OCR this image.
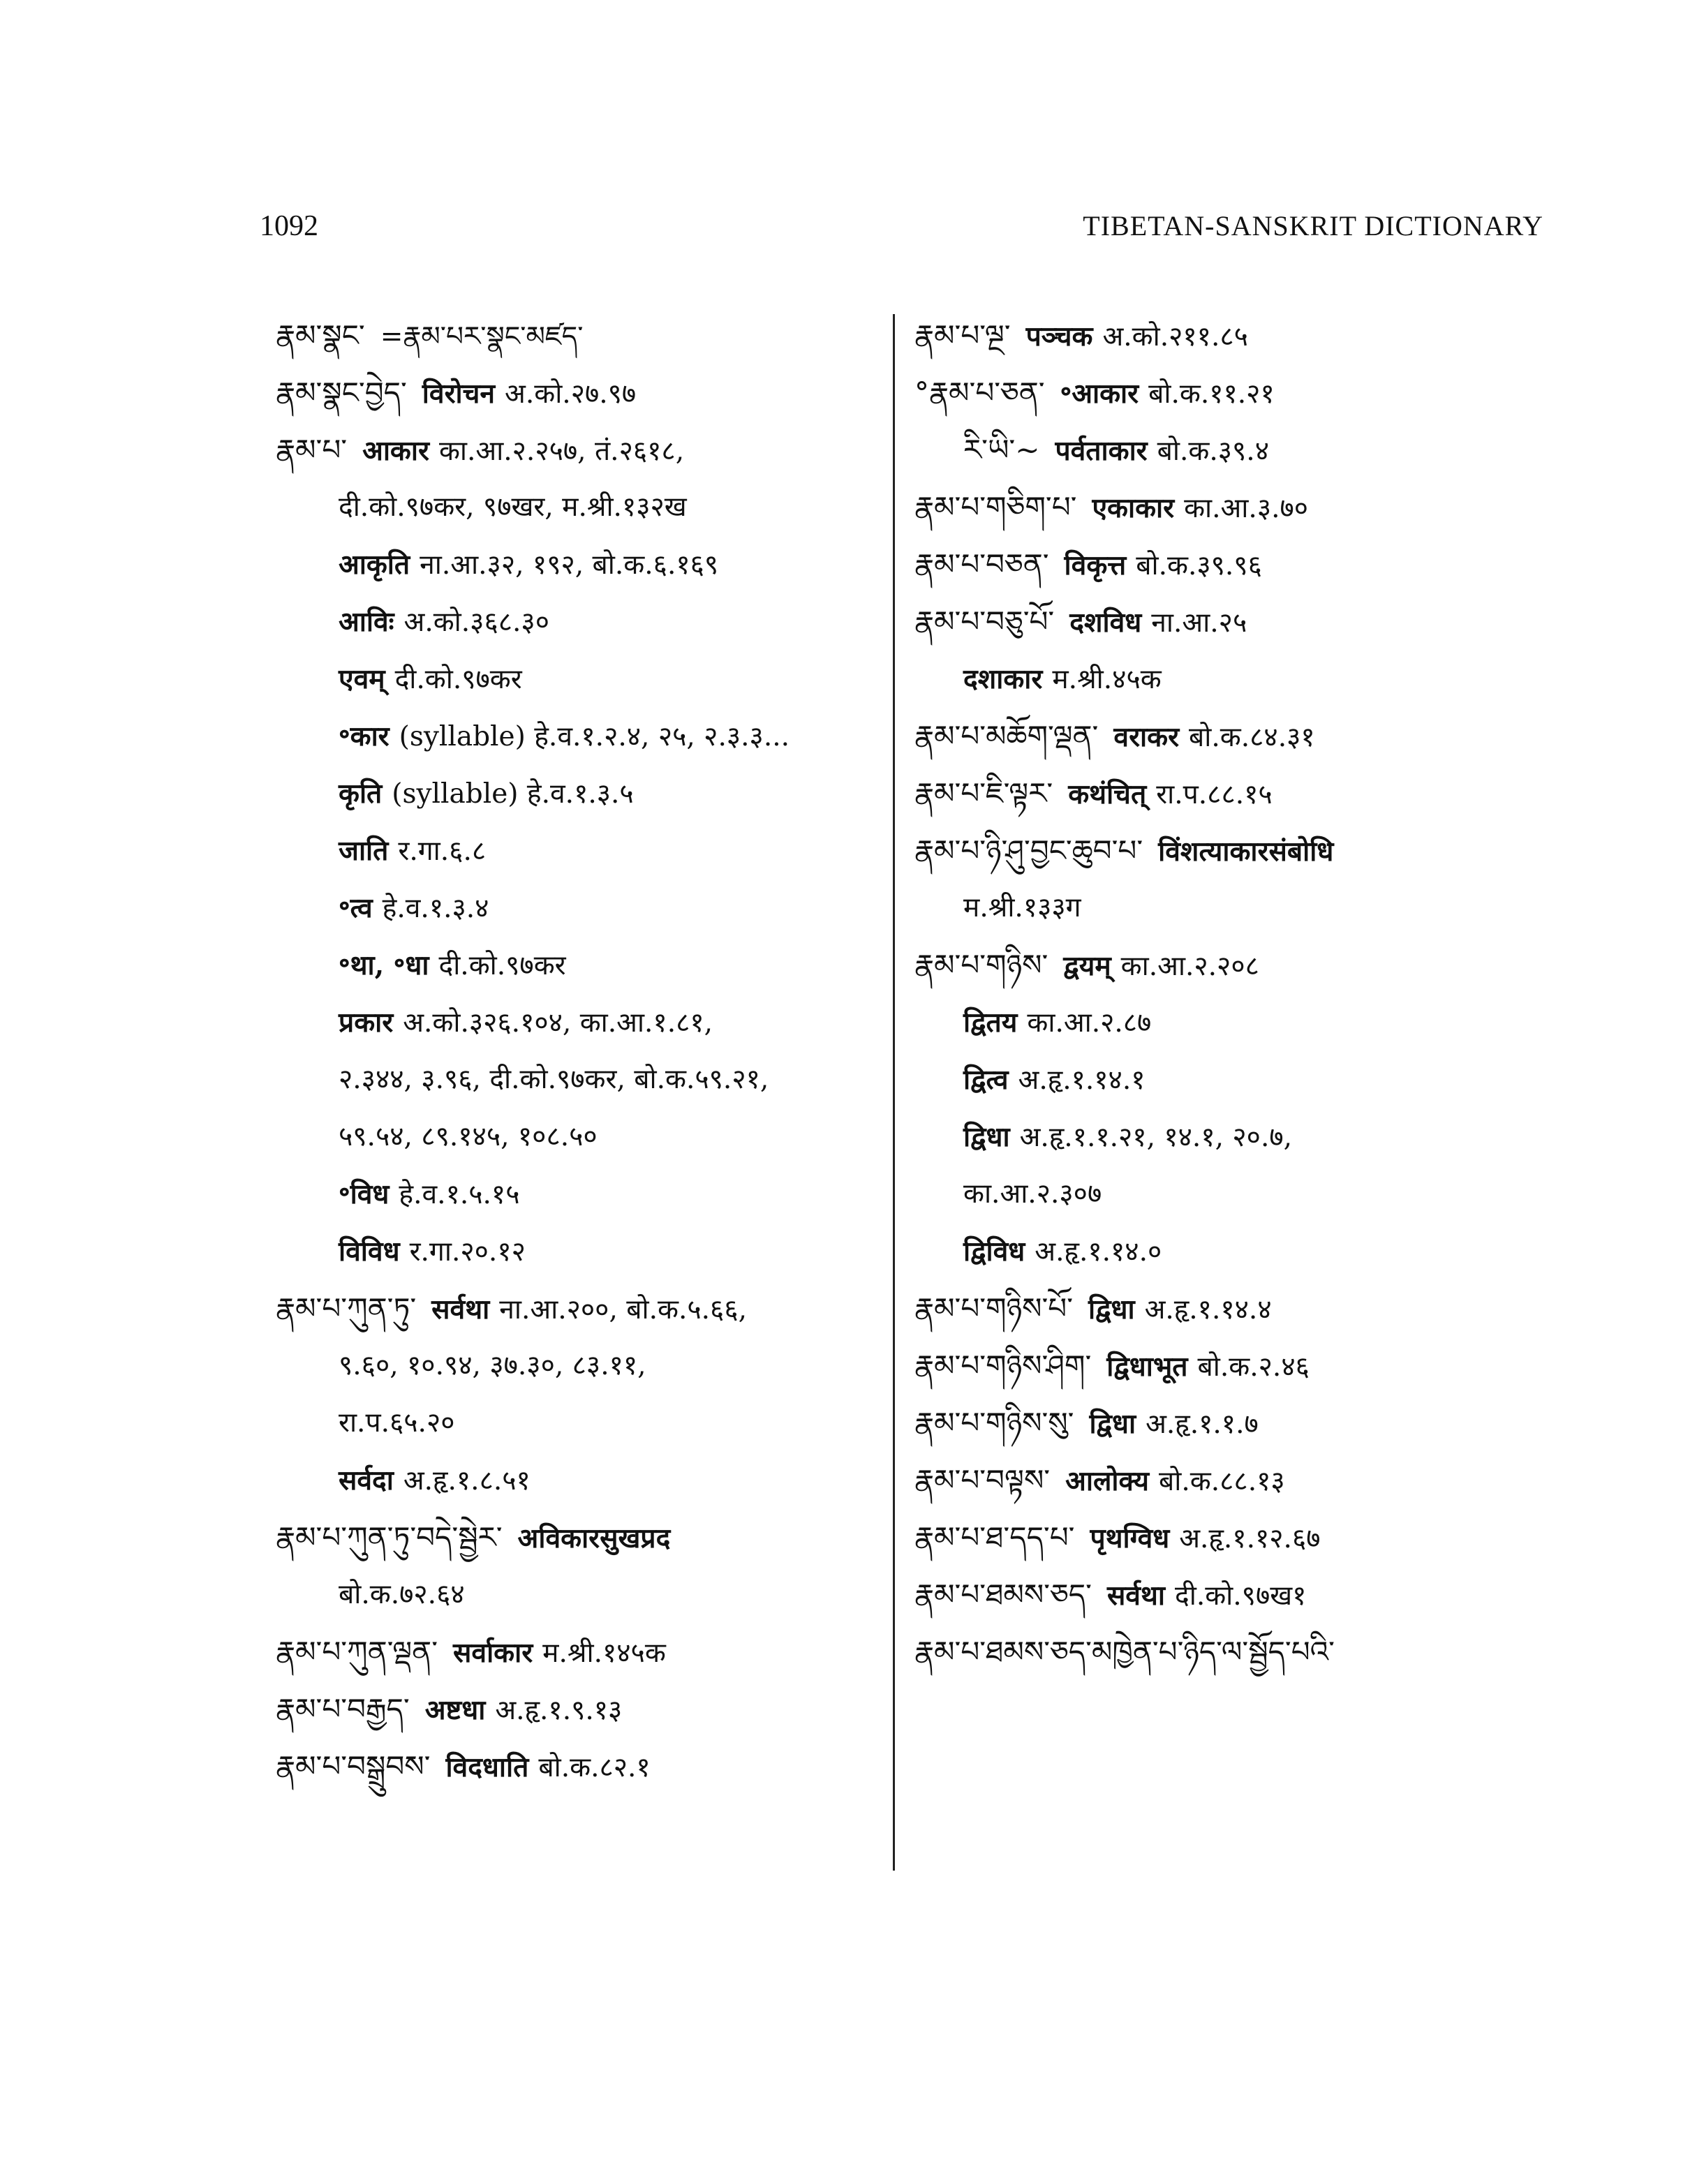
1092	TIBETAN-SANSKRIT DICTIONARY
རྣམ་སྣང་ =རྣམ་པར་སྣང་མཛད་
རྣམ་སྣང་བྱེད་ विरोचन अ.को.२७.९७
རྣམ་པ་ आकार का.आ.२.२५७, तं.२६१८,
दी.को.९७कर, ९७खर, म.श्री.१३२ख
आकृति ना.आ.३२, १९२, बो.क.६.१६९
आविः अ.को.३६८.३०
एवम् दी.को.९७कर
॰कार (syllable) हे.व.१.२.४, २५, २.३.३...
कृति (syllable) हे.व.१.३.५
जाति र.गा.६.८
॰त्व हे.व.१.३.४
॰था, ॰धा दी.को.९७कर
प्रकार अ.को.३२६.१०४, का.आ.१.८१,
२.३४४, ३.९६, दी.को.९७कर, बो.क.५९.२१,
५९.५४, ८९.१४५, १०८.५०
॰विध हे.व.१.५.१५
विविध र.गा.२०.१२
རྣམ་པ་ཀུན་ཏུ་ सर्वथा ना.आ.२००, बो.क.५.६६,
९.६०, १०.९४, ३७.३०, ८३.११,
रा.प.६५.२०
सर्वदा अ.हृ.१.८.५१
རྣམ་པ་ཀུན་ཏུ་བདེ་སྦྱེར་ अविकारसुखप्रद
बो.क.७२.६४
རྣམ་པ་ཀུན་ལྡན་ सर्वाकार म.श्री.१४५क
རྣམ་པ་བརྒྱད་ अष्टधा अ.हृ.१.९.१३
རྣམ་པ་བསྒྲུབས་ विदधाति बो.क.८२.१
རྣམ་པ་ལྔ་ पञ्चक अ.को.२११.८५
°རྣམ་པ་ཅན་ ॰आकार बो.क.११.२१
རི་ཡི་~ पर्वताकार बो.क.३९.४
རྣམ་པ་གཅིག་པ་ एकाकार का.आ.३.७०
རྣམ་པ་བཅན་ विकृत्त बो.क.३९.९६
རྣམ་པ་བཅུ་པོ་ दशविध ना.आ.२५
दशाकार म.श्री.४५क
རྣམ་པ་མཆོག་ལྡན་ वराकर बो.क.८४.३१
རྣམ་པ་ཇི་ལྟར་ कथंचित् रा.प.८८.१५
རྣམ་པ་ཉི་ཤུ་བྱང་ཆུབ་པ་ विंशत्याकारसंबोधि
म.श्री.१३३ग
རྣམ་པ་གཉིས་ द्वयम् का.आ.२.२०८
द्वितय का.आ.२.८७
द्वित्व अ.हृ.१.१४.१
द्विधा अ.हृ.१.१.२१, १४.१, २०.७,
का.आ.२.३०७
द्विविध अ.हृ.१.१४.०
རྣམ་པ་གཉིས་པོ་ द्विधा अ.हृ.१.१४.४
རྣམ་པ་གཉིས་ཤིག་ द्विधाभूत बो.क.२.४६
རྣམ་པ་གཉིས་སུ་ द्विधा अ.हृ.१.१.७
རྣམ་པ་བལྟས་ आलोक्य बो.क.८८.१३
རྣམ་པ་ཐ་དད་པ་ पृथग्विध अ.हृ.१.१२.६७
རྣམ་པ་ཐམས་ཅད་ सर्वथा दी.को.९७ख१
རྣམ་པ་ཐམས་ཅད་མཁྱེན་པ་ཉིད་ལ་སྦྱོད་པའི་
